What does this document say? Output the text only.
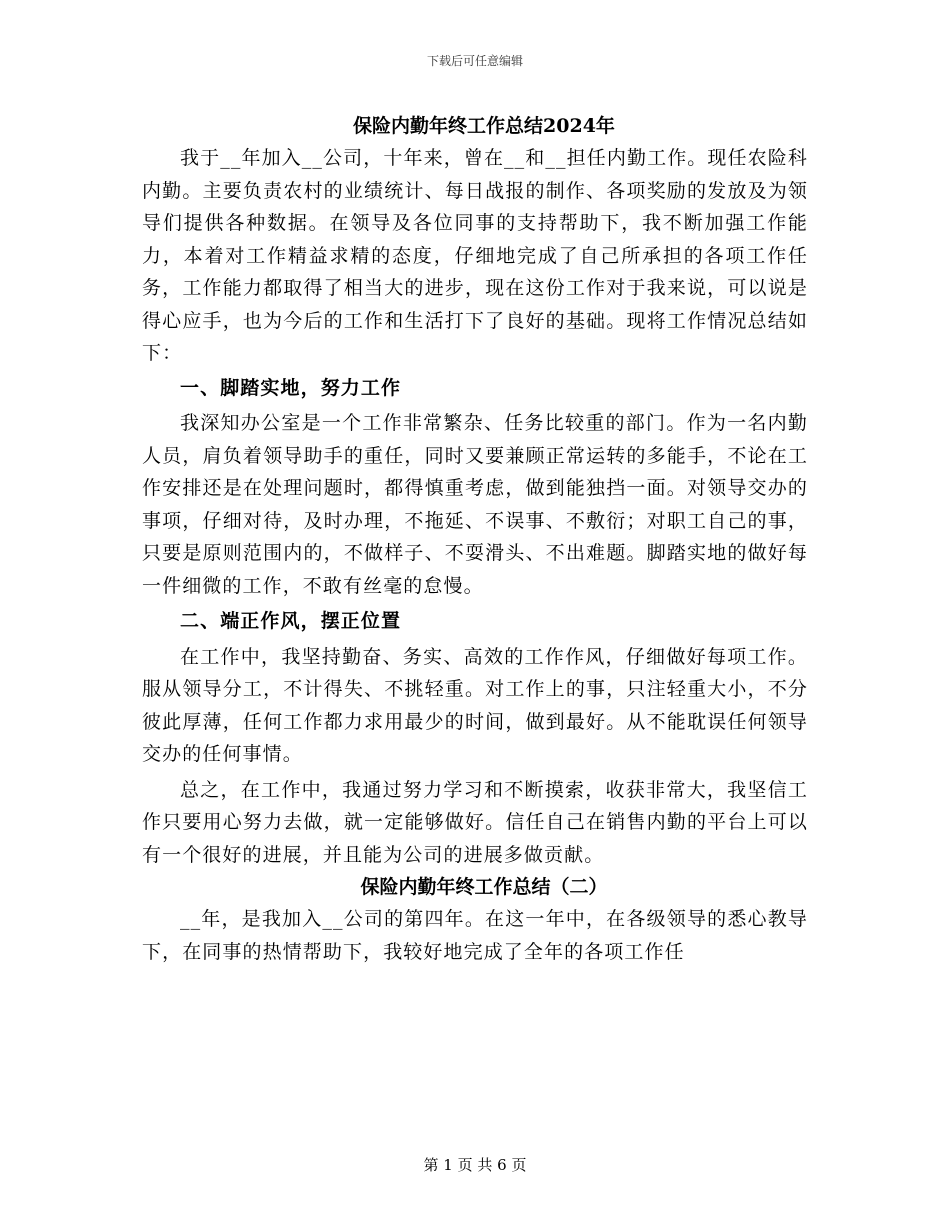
下载后可任意编辑
保险内勤年终工作总结2024年

我于__年加入__公司，十年来，曾在__和__担任内勤工作。现任农险科内勤。主要负责农村的业绩统计、每日战报的制作、各项奖励的发放及为领导们提供各种数据。在领导及各位同事的支持帮助下，我不断加强工作能力，本着对工作精益求精的态度，仔细地完成了自己所承担的各项工作任务，工作能力都取得了相当大的进步，现在这份工作对于我来说，可以说是得心应手，也为今后的工作和生活打下了良好的基础。现将工作情况总结如下：

一、脚踏实地，努力工作

我深知办公室是一个工作非常繁杂、任务比较重的部门。作为一名内勤人员，肩负着领导助手的重任，同时又要兼顾正常运转的多能手，不论在工作安排还是在处理问题时，都得慎重考虑，做到能独挡一面。对领导交办的事项，仔细对待，及时办理，不拖延、不误事、不敷衍；对职工自己的事，只要是原则范围内的，不做样子、不耍滑头、不出难题。脚踏实地的做好每一件细微的工作，不敢有丝毫的怠慢。

二、端正作风，摆正位置

在工作中，我坚持勤奋、务实、高效的工作作风，仔细做好每项工作。服从领导分工，不计得失、不挑轻重。对工作上的事，只注轻重大小，不分彼此厚薄，任何工作都力求用最少的时间，做到最好。从不能耽误任何领导交办的任何事情。

总之，在工作中，我通过努力学习和不断摸索，收获非常大，我坚信工作只要用心努力去做，就一定能够做好。信任自己在销售内勤的平台上可以有一个很好的进展，并且能为公司的进展多做贡献。

保险内勤年终工作总结（二）

__年，是我加入__公司的第四年。在这一年中，在各级领导的悉心教导下，在同事的热情帮助下，我较好地完成了全年的各项工作任

第 1 页 共 6 页
